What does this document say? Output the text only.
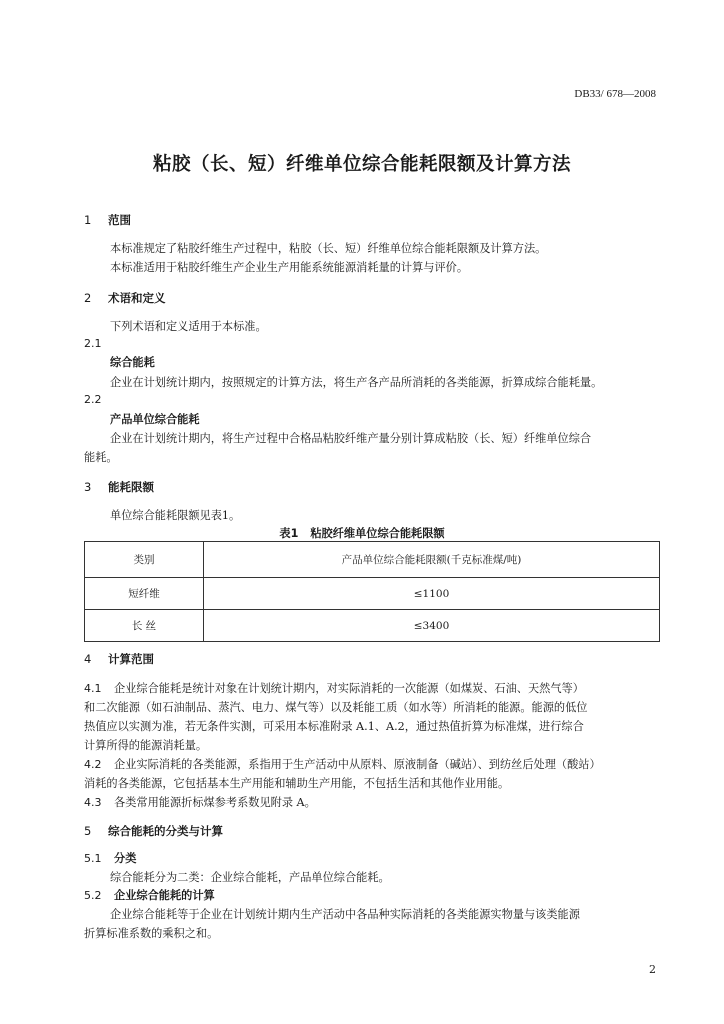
DB33/ 678—2008
粘胶（长、短）纤维单位综合能耗限额及计算方法
1 范围
本标准规定了粘胶纤维生产过程中，粘胶（长、短）纤维单位综合能耗限额及计算方法。
本标准适用于粘胶纤维生产企业生产用能系统能源消耗量的计算与评价。
2 术语和定义
下列术语和定义适用于本标准。
2.1
综合能耗
企业在计划统计期内，按照规定的计算方法，将生产各产品所消耗的各类能源，折算成综合能耗量。
2.2
产品单位综合能耗
企业在计划统计期内，将生产过程中合格品粘胶纤维产量分别计算成粘胶（长、短）纤维单位综合
能耗。
3 能耗限额
单位综合能耗限额见表1。
表1 粘胶纤维单位综合能耗限额
类别	产品单位综合能耗限额(千克标准煤/吨)
短纤维	≤1100
长 丝	≤3400
4 计算范围
4.1 企业综合能耗是统计对象在计划统计期内，对实际消耗的一次能源（如煤炭、石油、天然气等）
和二次能源（如石油制品、蒸汽、电力、煤气等）以及耗能工质（如水等）所消耗的能源。能源的低位
热值应以实测为准，若无条件实测，可采用本标准附录 A.1、A.2，通过热值折算为标准煤，进行综合
计算所得的能源消耗量。
4.2 企业实际消耗的各类能源，系指用于生产活动中从原料、原液制备（碱站）、到纺丝后处理（酸站）
消耗的各类能源，它包括基本生产用能和辅助生产用能，不包括生活和其他作业用能。
4.3 各类常用能源折标煤参考系数见附录 A。
5 综合能耗的分类与计算
5.1 分类
综合能耗分为二类：企业综合能耗，产品单位综合能耗。
5.2 企业综合能耗的计算
企业综合能耗等于企业在计划统计期内生产活动中各品种实际消耗的各类能源实物量与该类能源
折算标准系数的乘积之和。
2
